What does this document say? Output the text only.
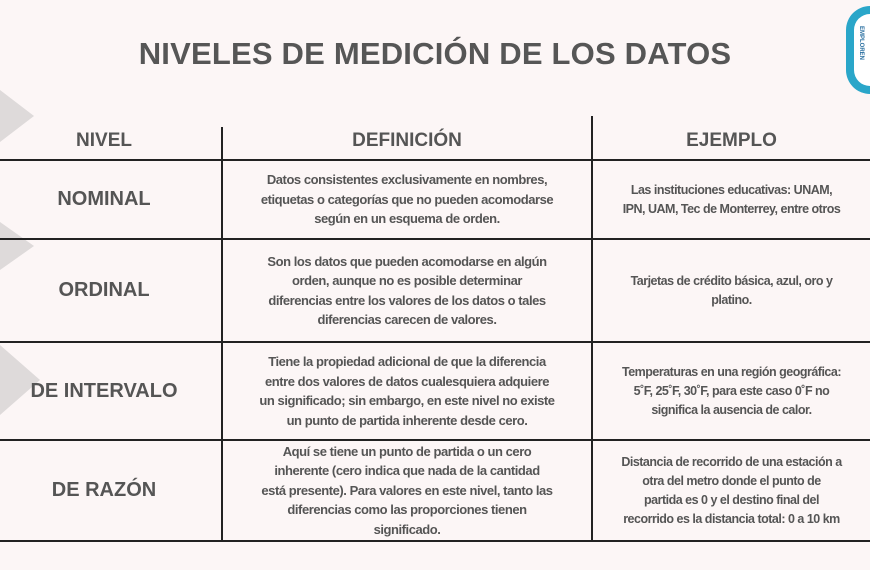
EMPLOREN
NIVELES DE MEDICIÓN DE LOS DATOS
NIVEL	DEFINICIÓN	EJEMPLO
NOMINAL
Datos consistentes exclusivamente en nombres,
etiquetas o categorías que no pueden acomodarse
según en un esquema de orden.
Las instituciones educativas: UNAM,
IPN, UAM, Tec de Monterrey, entre otros
ORDINAL
Son los datos que pueden acomodarse en algún
orden, aunque no es posible determinar
diferencias entre los valores de los datos o tales
diferencias carecen de valores.
Tarjetas de crédito básica, azul, oro y
platino.
DE INTERVALO
Tiene la propiedad adicional de que la diferencia
entre dos valores de datos cualesquiera adquiere
un significado; sin embargo, en este nivel no existe
un punto de partida inherente desde cero.
Temperaturas en una región geográfica:
5˚F, 25˚F, 30˚F, para este caso 0˚F no
significa la ausencia de calor.
DE RAZÓN
Aquí se tiene un punto de partida o un cero
inherente (cero indica que nada de la cantidad
está presente). Para valores en este nivel, tanto las
diferencias como las proporciones tienen
significado.
Distancia de recorrido de una estación a
otra del metro donde el punto de
partida es 0 y el destino final del
recorrido es la distancia total: 0 a 10 km
